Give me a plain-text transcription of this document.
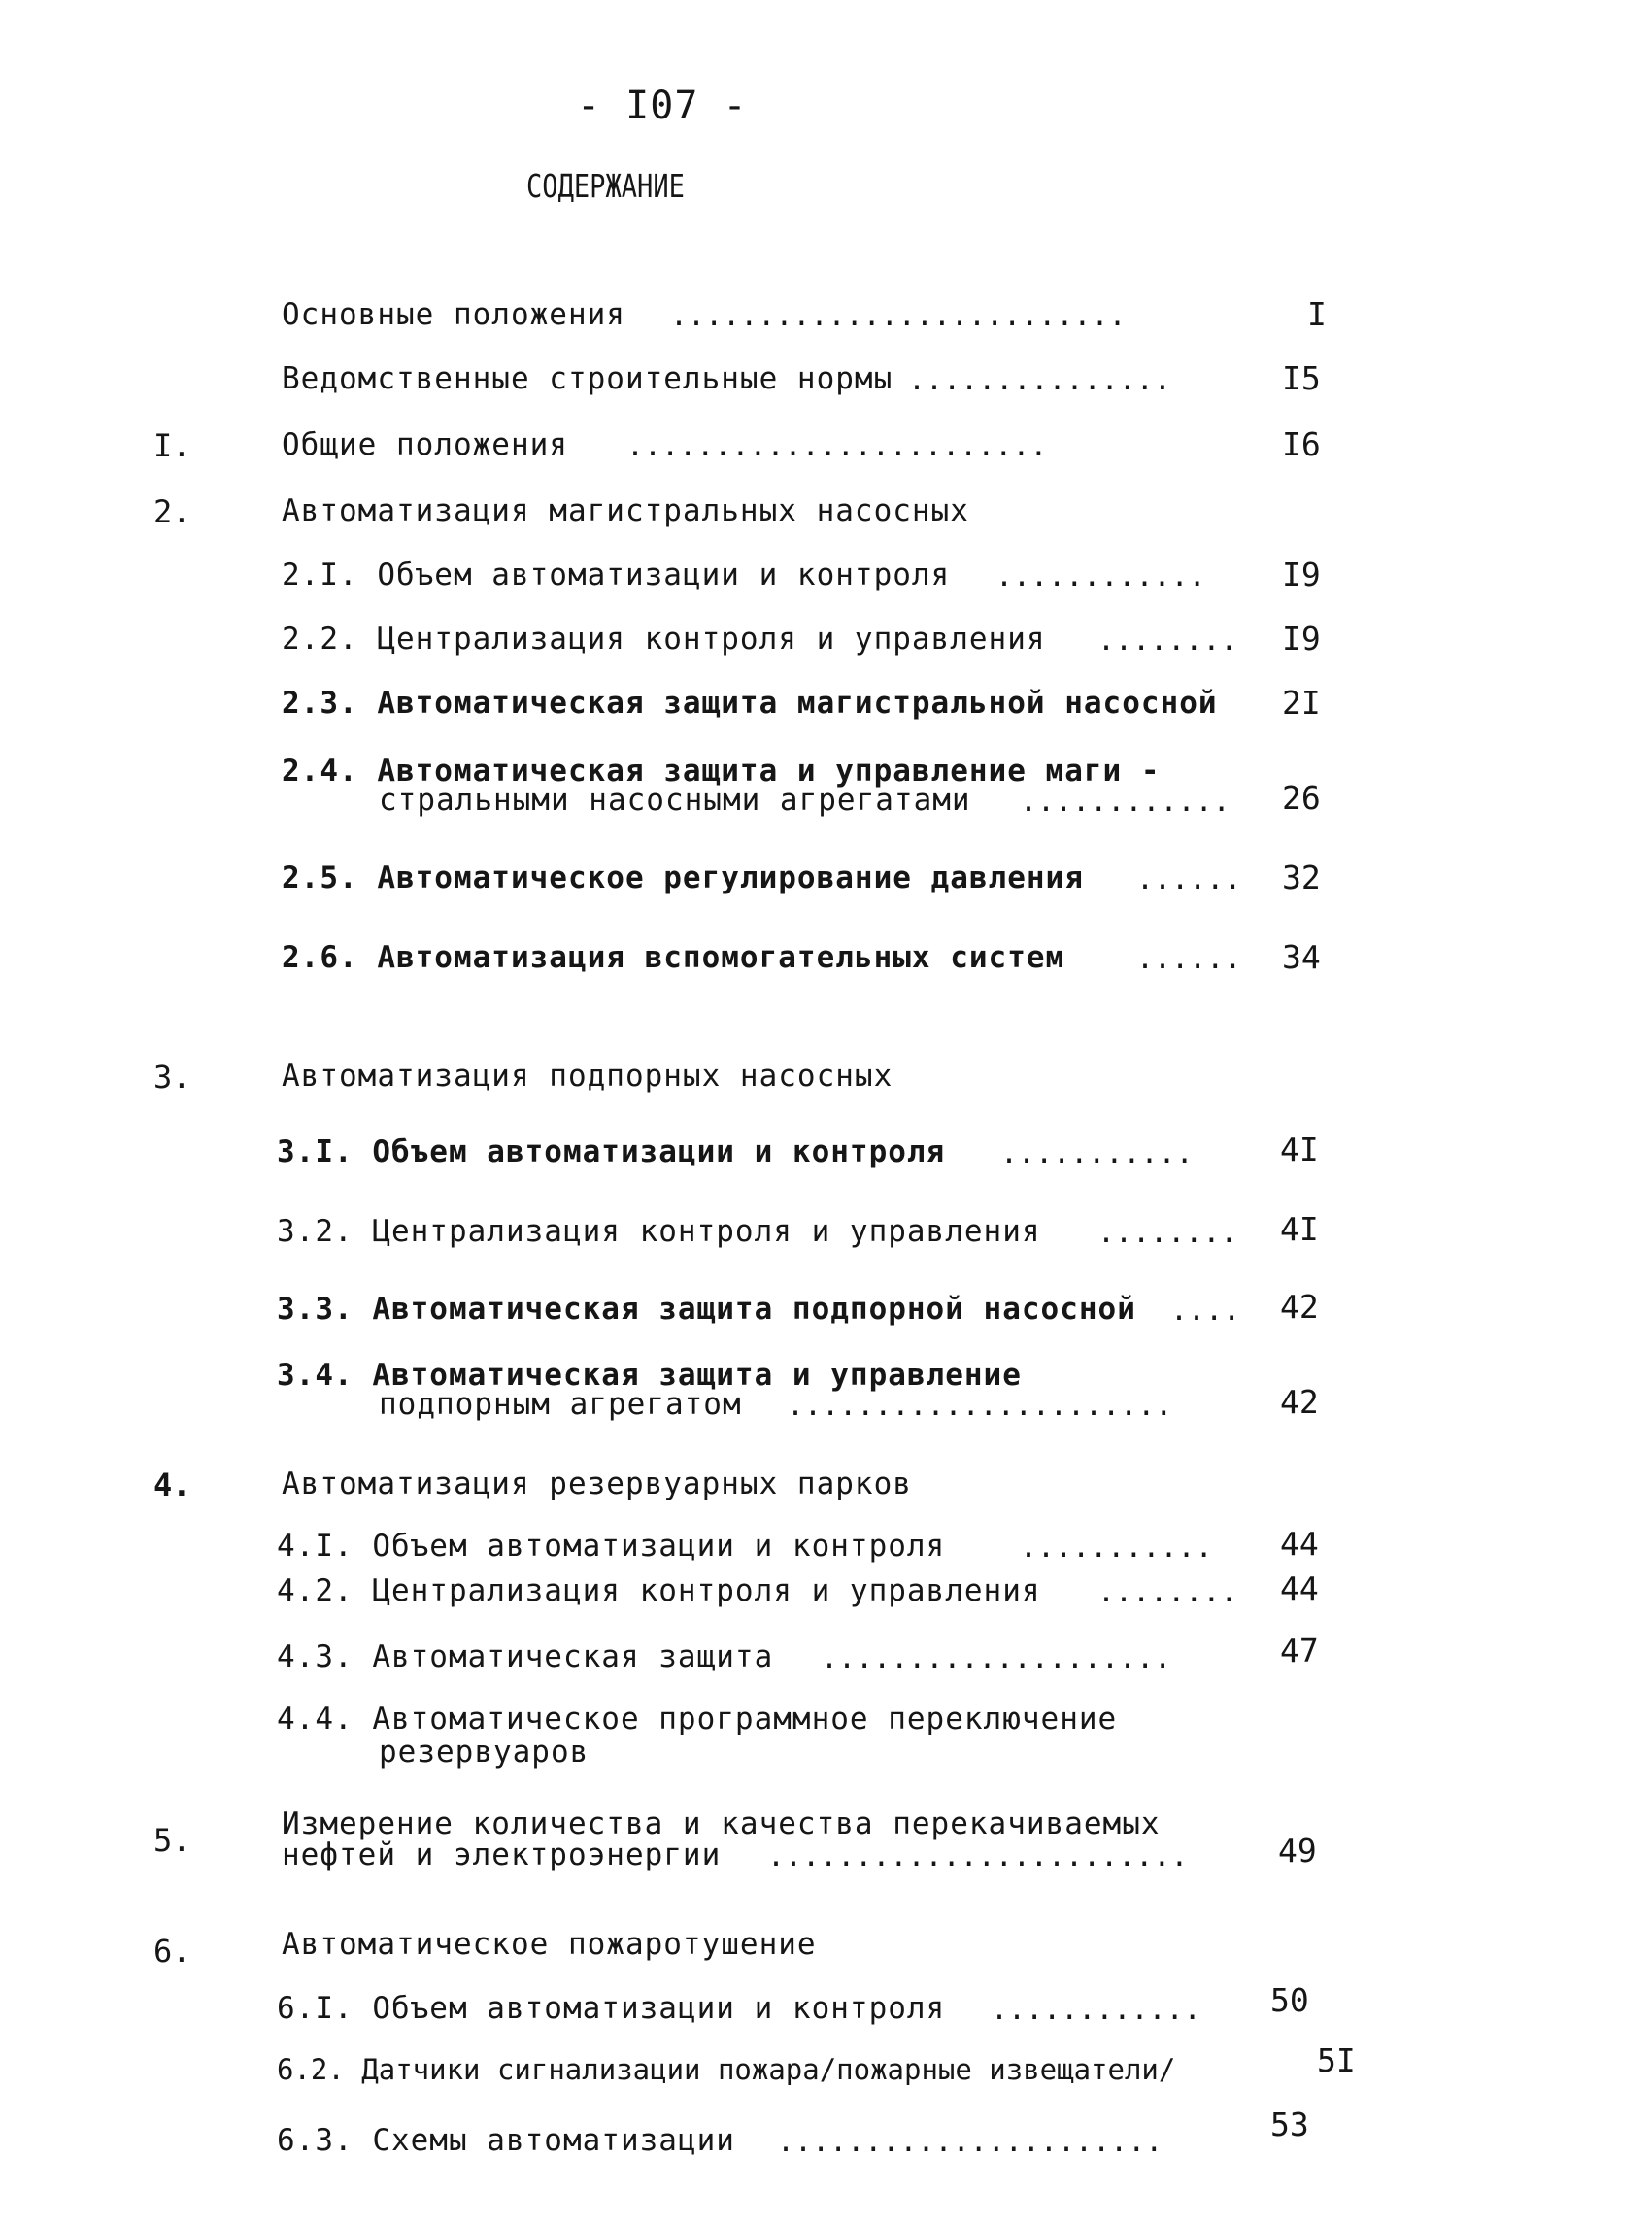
- I07 -
СОДЕРЖАНИЕ
Основные положения ..........................	I
Ведомственные строительные нормы ...............	I5
I.	Общие положения ........................	I6
2.	Автоматизация магистральных насосных
2.I. Объем автоматизации и контроля ............ I9
2.2. Централизация контроля и управления ........ I9
2.3. Автоматическая защита магистральной насосной 2I
2.4. Автоматическая защита и управление маги -
стральными насосными агрегатами ............ 26
2.5. Автоматическое регулирование давления ...... 32
2.6. Автоматизация вспомогательных систем ...... 34
3.	Автоматизация подпорных насосных
3.I. Объем автоматизации и контроля ...........	4I
3.2. Централизация контроля и управления ........ 4I
3.3. Автоматическая защита подпорной насосной .... 42
3.4. Автоматическая защита и управление
подпорным агрегатом ......................	42
4.	Автоматизация резервуарных парков
4.I. Объем автоматизации и контроля	........... 44
4.2. Централизация контроля и управления ........ 44
4.3. Автоматическая защита ....................	47
4.4. Автоматическое программное переключение
резервуаров
5.	Измерение количества и качества перекачиваемых
нефтей и электроэнергии ........................	49
6.	Автоматическое пожаротушение
6.I. Объем автоматизации и контроля ............ 50
6.2. Датчики сигнализации пожара/пожарные извещатели/	5I
6.3. Схемы автоматизации ......................	53
